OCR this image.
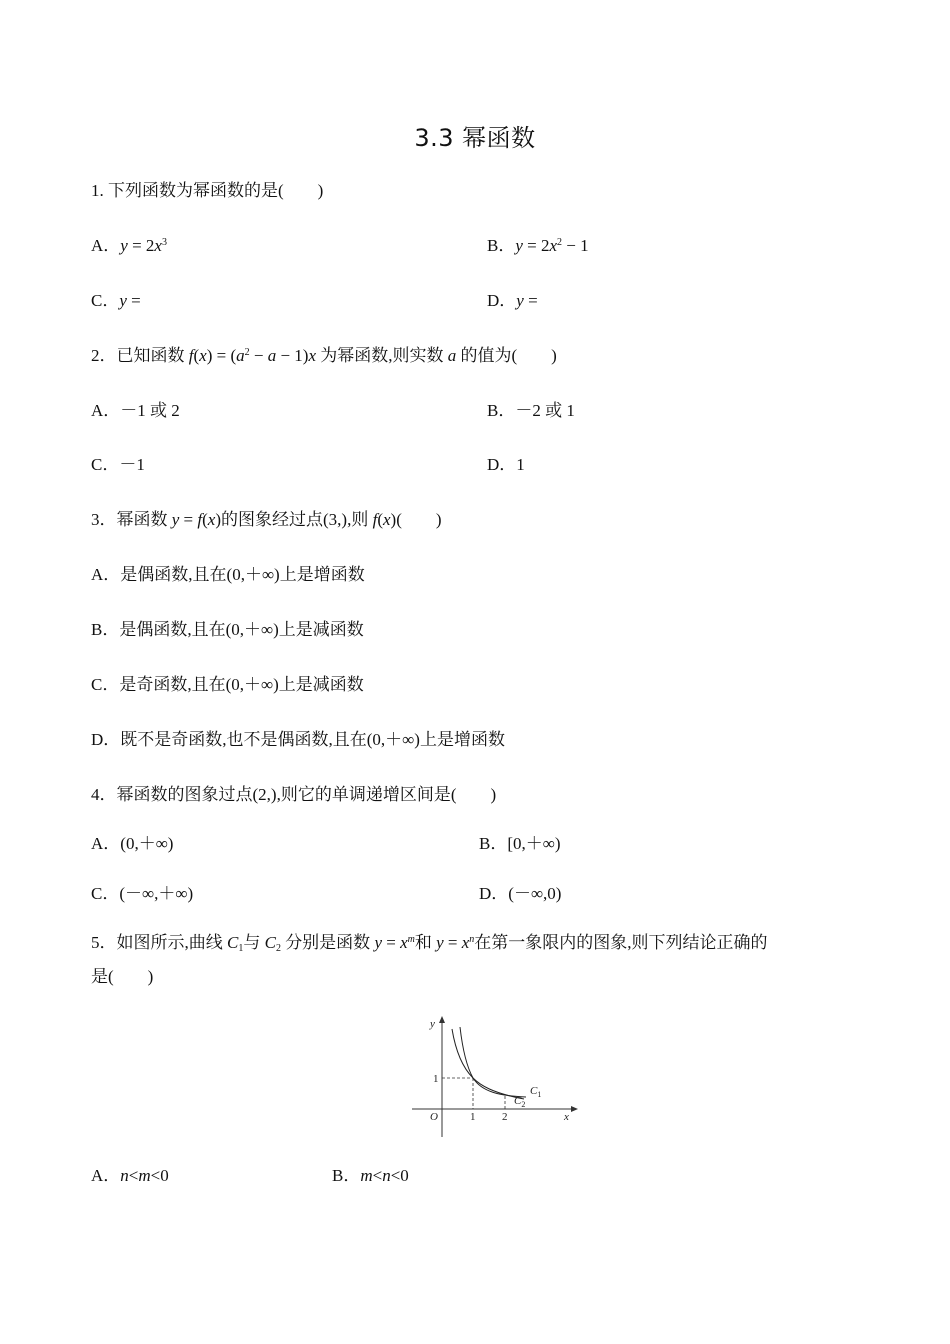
3.3 幂函数
1. 下列函数为幂函数的是(　　)
A．$y = 2x^3$	B．$y = 2x^2 - 1$
C．y =	D．y =
2．已知函数 $f(x) = (a^2 - a - 1)x$ 为幂函数,则实数 a 的值为(　　)
A．－1 或 2	B．－2 或 1
C．－1	D．1
3．幂函数 y = f(x)的图象经过点(3,),则 f(x)(　　)
A．是偶函数,且在(0,＋∞)上是增函数
B．是偶函数,且在(0,＋∞)上是减函数
C．是奇函数,且在(0,＋∞)上是减函数
D．既不是奇函数,也不是偶函数,且在(0,＋∞)上是增函数
4．幂函数的图象过点(2,),则它的单调递增区间是(　　)
A．(0,＋∞)	B．[0,＋∞)
C．(－∞,＋∞)	D．(－∞,0)
5．如图所示,曲线 $C_1$与 $C_2$ 分别是函数 $y = x^m$和 $y = x^n$在第一象限内的图象,则下列结论正确的
是(　　)
y
x
O
1
1 2
$C_1$
$C_2$
A．n<m<0	B．m<n<0
